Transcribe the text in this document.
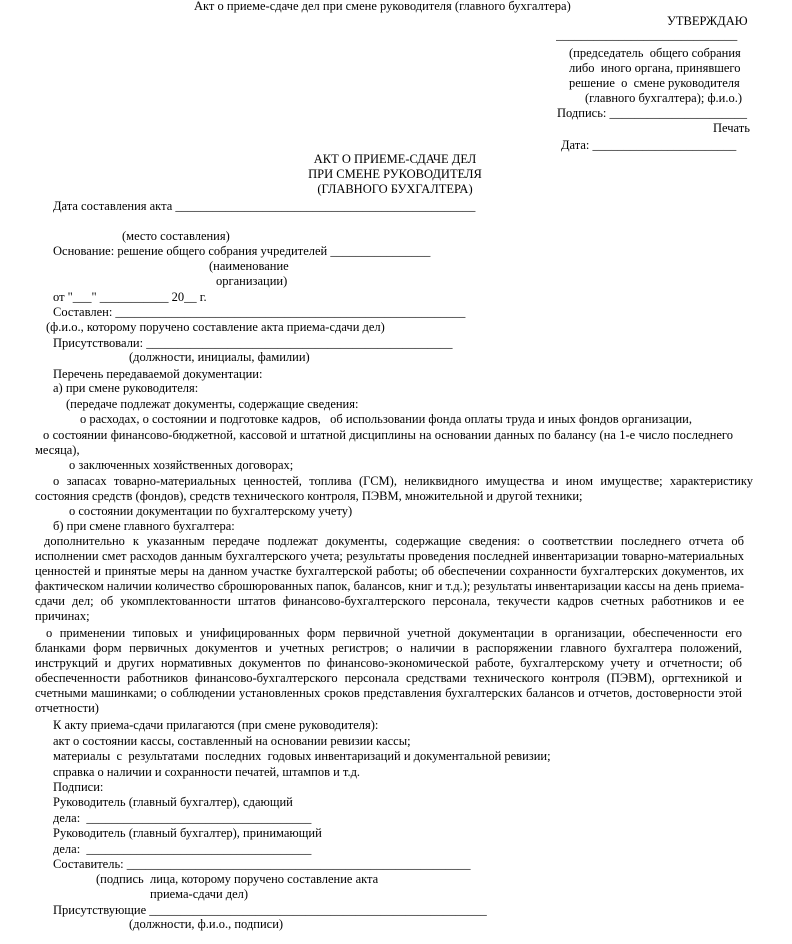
Акт о приеме-сдаче дел при смене руководителя (главного бухгалтера)
УТВЕРЖДАЮ
_____________________________
(председатель  общего собрания
либо  иного органа, принявшего
решение  о  смене руководителя
(главного бухгалтера); ф.и.о.)
Подпись: ______________________
Печать
Дата: _______________________
АКТ О ПРИЕМЕ-СДАЧЕ ДЕЛ
ПРИ СМЕНЕ РУКОВОДИТЕЛЯ
(ГЛАВНОГО БУХГАЛТЕРА)
Дата составления акта ________________________________________________
(место составления)
Основание: решение общего собрания учредителей ________________
(наименование
организации)
от "___" ___________ 20__ г.
Составлен: ________________________________________________________
(ф.и.о., которому поручено составление акта приема-сдачи дел)
Присутствовали: _________________________________________________
(должности, инициалы, фамилии)
Перечень передаваемой документации:
а) при смене руководителя:
(передаче подлежат документы, содержащие сведения:
о расходах, о состоянии и подготовке кадров,   об использовании фонда оплаты труда и иных фондов организации,
о состоянии финансово-бюджетной, кассовой и штатной дисциплины на основании данных по балансу (на 1-е число последнего месяца),
о заключенных хозяйственных договорах;
о запасах товарно-материальных ценностей, топлива (ГСМ), неликвидного имущества и ином имуществе; характеристику состояния средств (фондов), средств технического контроля, ПЭВМ, множительной и другой техники;
о состоянии документации по бухгалтерскому учету)
б) при смене главного бухгалтера:
дополнительно к указанным передаче подлежат документы, содержащие сведения: о соответствии последнего отчета об исполнении смет расходов данным бухгалтерского учета; результаты проведения последней инвентаризации товарно-материальных ценностей и принятые меры на данном участке бухгалтерской работы; об обеспечении сохранности бухгалтерских документов, их фактическом наличии количество сброшюрованных папок, балансов, книг и т.д.); результаты инвентаризации кассы на день приема-сдачи дел; об укомплектованности штатов финансово-бухгалтерского персонала, текучести кадров счетных работников и ее причинах;
о применении типовых и унифицированных форм первичной учетной документации в организации, обеспеченности его бланками форм первичных документов и учетных регистров; о наличии в распоряжении главного бухгалтера положений, инструкций и других нормативных документов по финансово-экономической работе, бухгалтерскому учету и отчетности; об обеспеченности работников финансово-бухгалтерского персонала средствами технического контроля (ПЭВМ), оргтехникой и счетными машинками; о соблюдении установленных сроков представления бухгалтерских балансов и отчетов, достоверности этой отчетности)
К акту приема-сдачи прилагаются (при смене руководителя):
акт о состоянии кассы, составленный на основании ревизии кассы;
материалы  с  результатами  последних  годовых инвентаризаций и документальной ревизии;
справка о наличии и сохранности печатей, штампов и т.д.
Подписи:
Руководитель (главный бухгалтер), сдающий
дела:  ____________________________________
Руководитель (главный бухгалтер), принимающий
дела:  ____________________________________
Составитель: _______________________________________________________
(подпись  лица, которому поручено составление акта
приема-сдачи дел)
Присутствующие ______________________________________________________
(должности, ф.и.о., подписи)
